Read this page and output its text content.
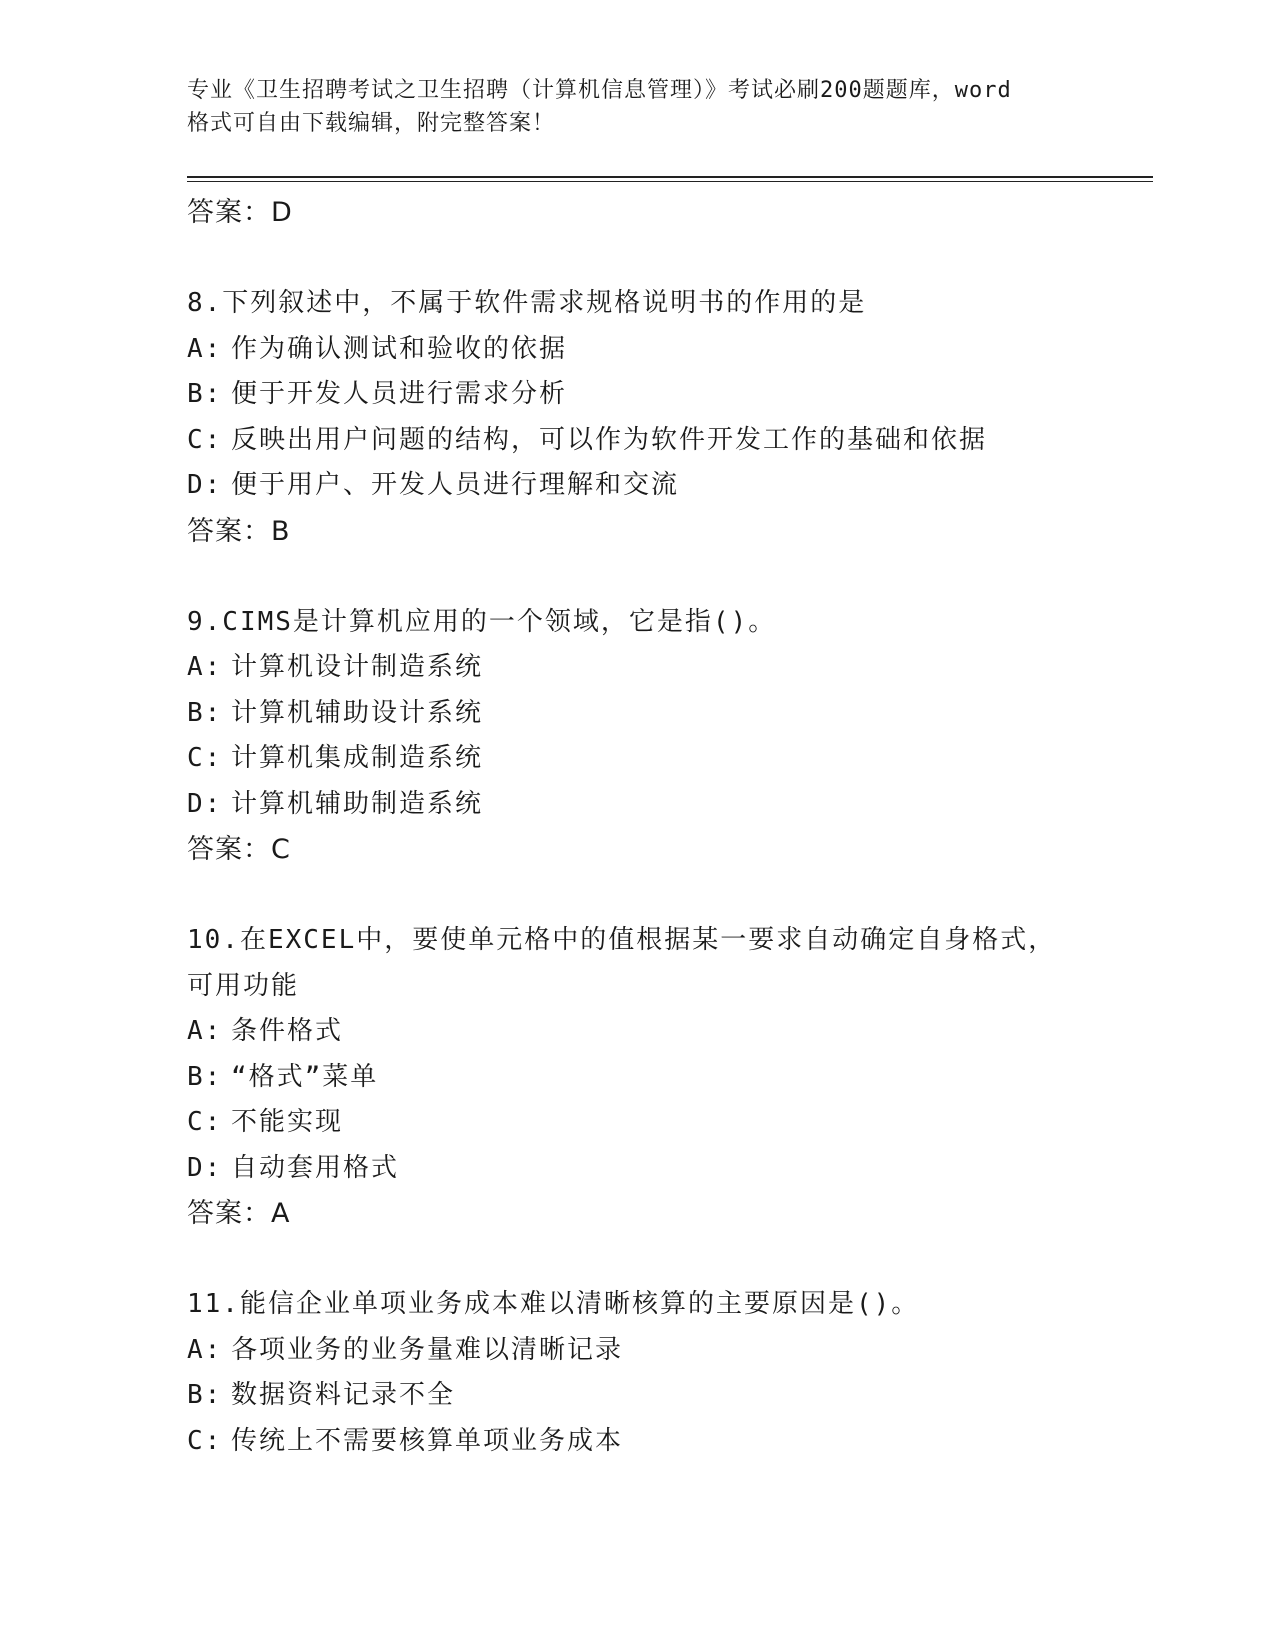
专业《卫生招聘考试之卫生招聘（计算机信息管理）》考试必刷200题题库，word
格式可自由下载编辑，附完整答案！
答案：D
8.下列叙述中，不属于软件需求规格说明书的作用的是
A: 作为确认测试和验收的依据
B: 便于开发人员进行需求分析
C: 反映出用户问题的结构，可以作为软件开发工作的基础和依据
D: 便于用户、开发人员进行理解和交流
答案：B
9.CIMS是计算机应用的一个领域，它是指()。
A: 计算机设计制造系统
B: 计算机辅助设计系统
C: 计算机集成制造系统
D: 计算机辅助制造系统
答案：C
10.在EXCEL中，要使单元格中的值根据某一要求自动确定自身格式，
可用功能
A: 条件格式
B: “格式”菜单
C: 不能实现
D: 自动套用格式
答案：A
11.能信企业单项业务成本难以清晰核算的主要原因是()。
A: 各项业务的业务量难以清晰记录
B: 数据资料记录不全
C: 传统上不需要核算单项业务成本
